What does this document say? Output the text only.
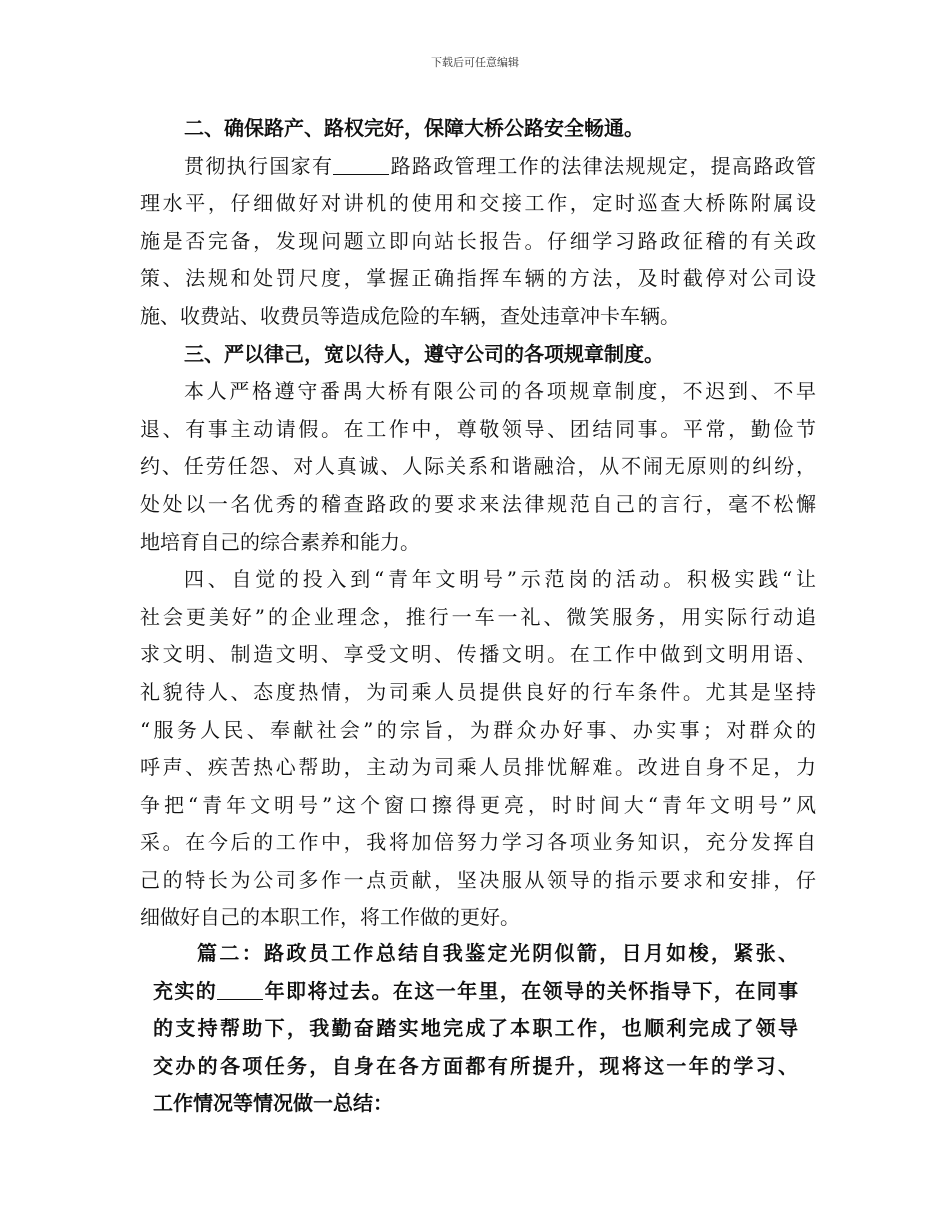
下载后可任意编辑
二、确保路产、路权完好，保障大桥公路安全畅通。
贯彻执行国家有	路路政管理工作的法律法规规定，提高路政管
理水平，仔细做好对讲机的使用和交接工作，定时巡查大桥陈附属设
施是否完备，发现问题立即向站长报告。仔细学习路政征稽的有关政
策、法规和处罚尺度，掌握正确指挥车辆的方法，及时截停对公司设
施、收费站、收费员等造成危险的车辆，查处违章冲卡车辆。
三、严以律己，宽以待人，遵守公司的各项规章制度。
本人严格遵守番禺大桥有限公司的各项规章制度，不迟到、不早
退、有事主动请假。在工作中，尊敬领导、团结同事。平常，勤俭节
约、任劳任怨、对人真诚、人际关系和谐融洽，从不闹无原则的纠纷，
处处以一名优秀的稽查路政的要求来法律规范自己的言行，毫不松懈
地培育自己的综合素养和能力。
四、自觉的投入到“青年文明号”示范岗的活动。积极实践“让
社会更美好”的企业理念，推行一车一礼、微笑服务，用实际行动追
求文明、制造文明、享受文明、传播文明。在工作中做到文明用语、
礼貌待人、态度热情，为司乘人员提供良好的行车条件。尤其是坚持
“服务人民、奉献社会”的宗旨，为群众办好事、办实事；对群众的
呼声、疾苦热心帮助，主动为司乘人员排忧解难。改进自身不足，力
争把“青年文明号”这个窗口擦得更亮，时时间大“青年文明号”风
采。在今后的工作中，我将加倍努力学习各项业务知识，充分发挥自
己的特长为公司多作一点贡献，坚决服从领导的指示要求和安排，仔
细做好自己的本职工作，将工作做的更好。
篇二：路政员工作总结自我鉴定光阴似箭，日月如梭，紧张、
充实的 年即将过去。在这一年里，在领导的关怀指导下，在同事
的支持帮助下，我勤奋踏实地完成了本职工作，也顺利完成了领导
交办的各项任务，自身在各方面都有所提升，现将这一年的学习、
工作情况等情况做一总结：
